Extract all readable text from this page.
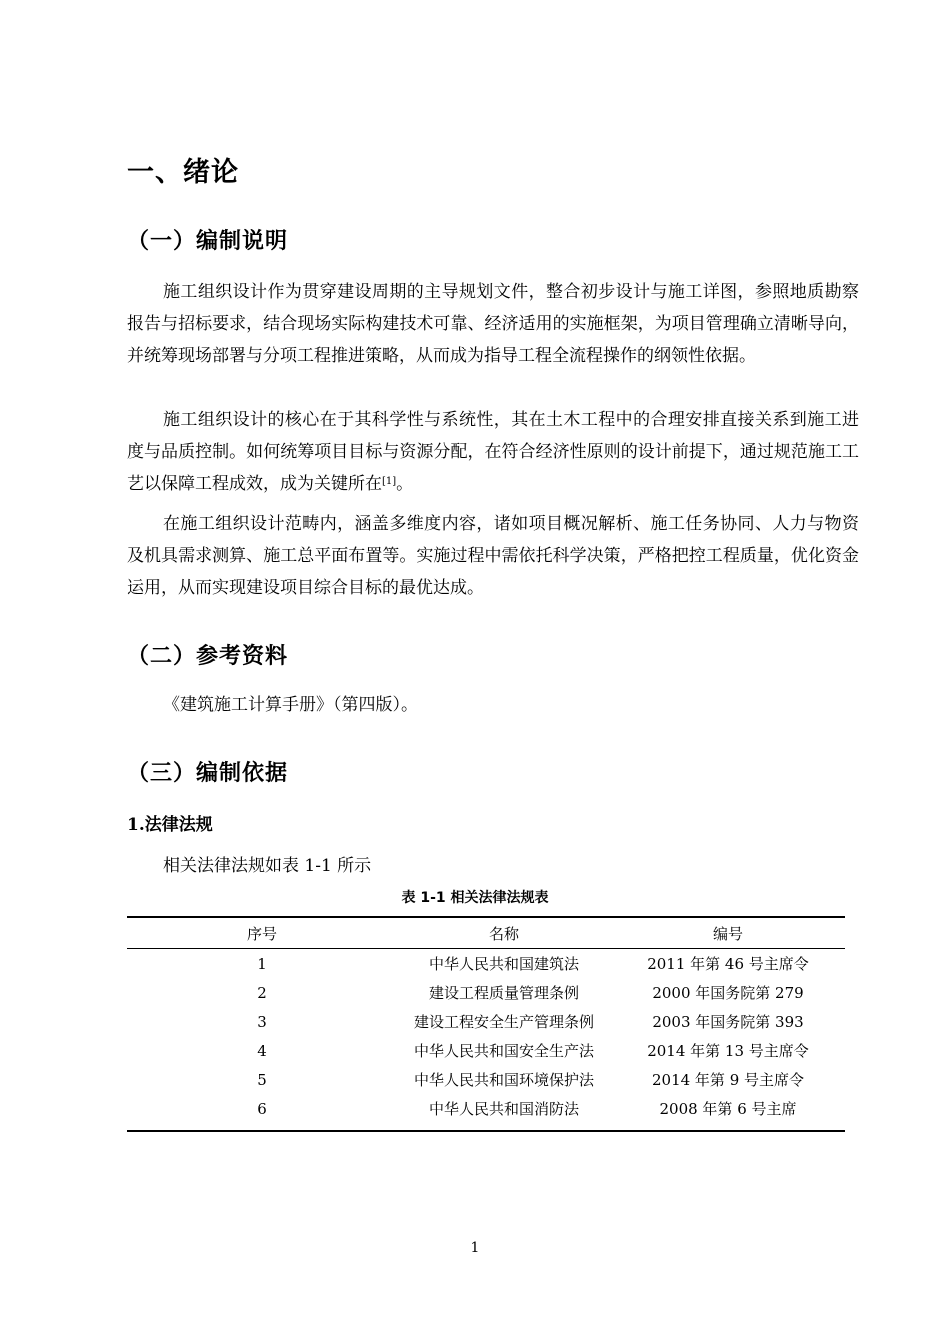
一、绪论
（一）编制说明
施工组织设计作为贯穿建设周期的主导规划文件，整合初步设计与施工详图，参照地质勘察报告与招标要求，结合现场实际构建技术可靠、经济适用的实施框架，为项目管理确立清晰导向，并统筹现场部署与分项工程推进策略，从而成为指导工程全流程操作的纲领性依据。
施工组织设计的核心在于其科学性与系统性，其在土木工程中的合理安排直接关系到施工进度与品质控制。如何统筹项目目标与资源分配，在符合经济性原则的设计前提下，通过规范施工工艺以保障工程成效，成为关键所在[1]。
在施工组织设计范畴内，涵盖多维度内容，诸如项目概况解析、施工任务协同、人力与物资及机具需求测算、施工总平面布置等。实施过程中需依托科学决策，严格把控工程质量，优化资金运用，从而实现建设项目综合目标的最优达成。
（二）参考资料
《建筑施工计算手册》（第四版）。
（三）编制依据
1.法律法规
相关法律法规如表 1-1 所示
表 1-1 相关法律法规表
序号	名称	编号
1	中华人民共和国建筑法	2011 年第 46 号主席令
2	建设工程质量管理条例	2000 年国务院第 279
3	建设工程安全生产管理条例	2003 年国务院第 393
4	中华人民共和国安全生产法	2014 年第 13 号主席令
5	中华人民共和国环境保护法	2014 年第 9 号主席令
6	中华人民共和国消防法	2008 年第 6 号主席
1
